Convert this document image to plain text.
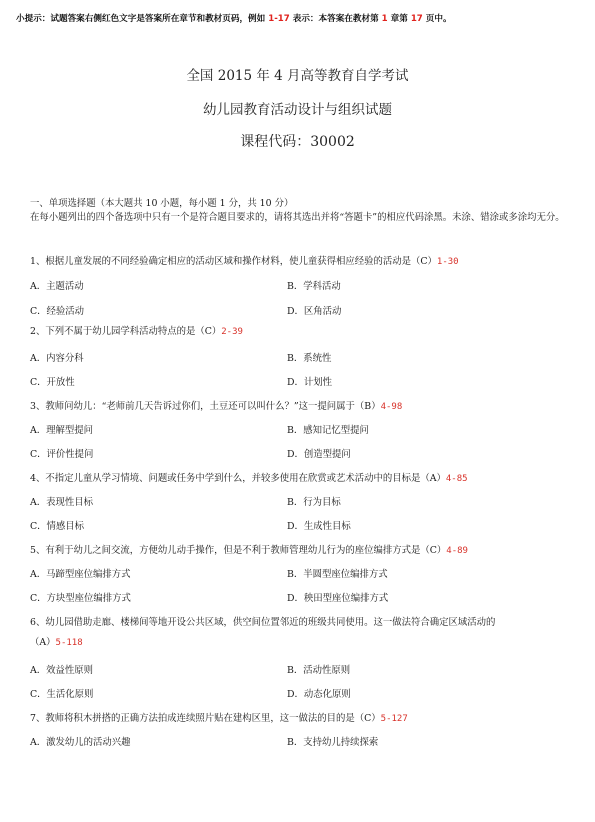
小提示：试题答案右侧红色文字是答案所在章节和教材页码，例如 1-17 表示：本答案在教材第 1 章第 17 页中。
全国 2015 年 4 月高等教育自学考试
幼儿园教育活动设计与组织试题
课程代码：30002
一、单项选择题（本大题共 10 小题，每小题 1 分，共 10 分）
在每小题列出的四个备选项中只有一个是符合题目要求的，请将其选出并将“答题卡”的相应代码涂黑。未涂、错涂或多涂均无分。
1、根据儿童发展的不同经验确定相应的活动区域和操作材料，使儿童获得相应经验的活动是（C）1-30
A．主题活动	B．学科活动
C．经验活动	D．区角活动
2、下列不属于幼儿园学科活动特点的是（C）2-39
A．内容分科	B．系统性
C．开放性	D．计划性
3、教师问幼儿：“老师前几天告诉过你们，土豆还可以叫什么？”这一提问属于（B）4-98
A．理解型提问	B．感知记忆型提问
C．评价性提问	D．创造型提问
4、不指定儿童从学习情境、问题或任务中学到什么，并较多使用在欣赏或艺术活动中的目标是（A）4-85
A．表现性目标	B．行为目标
C．情感目标	D．生成性目标
5、有利于幼儿之间交流，方便幼儿动手操作，但是不利于教师管理幼儿行为的座位编排方式是（C）4-89
A．马蹄型座位编排方式	B．半圆型座位编排方式
C．方块型座位编排方式	D．秧田型座位编排方式
6、幼儿园借助走廊、楼梯间等地开设公共区域，供空间位置邻近的班级共同使用。这一做法符合确定区域活动的
（A）5-118
A．效益性原则	B．活动性原则
C．生活化原则	D．动态化原则
7、教师将积木拼搭的正确方法拍成连续照片贴在建构区里，这一做法的目的是（C）5-127
A．激发幼儿的活动兴趣	B．支持幼儿持续探索
